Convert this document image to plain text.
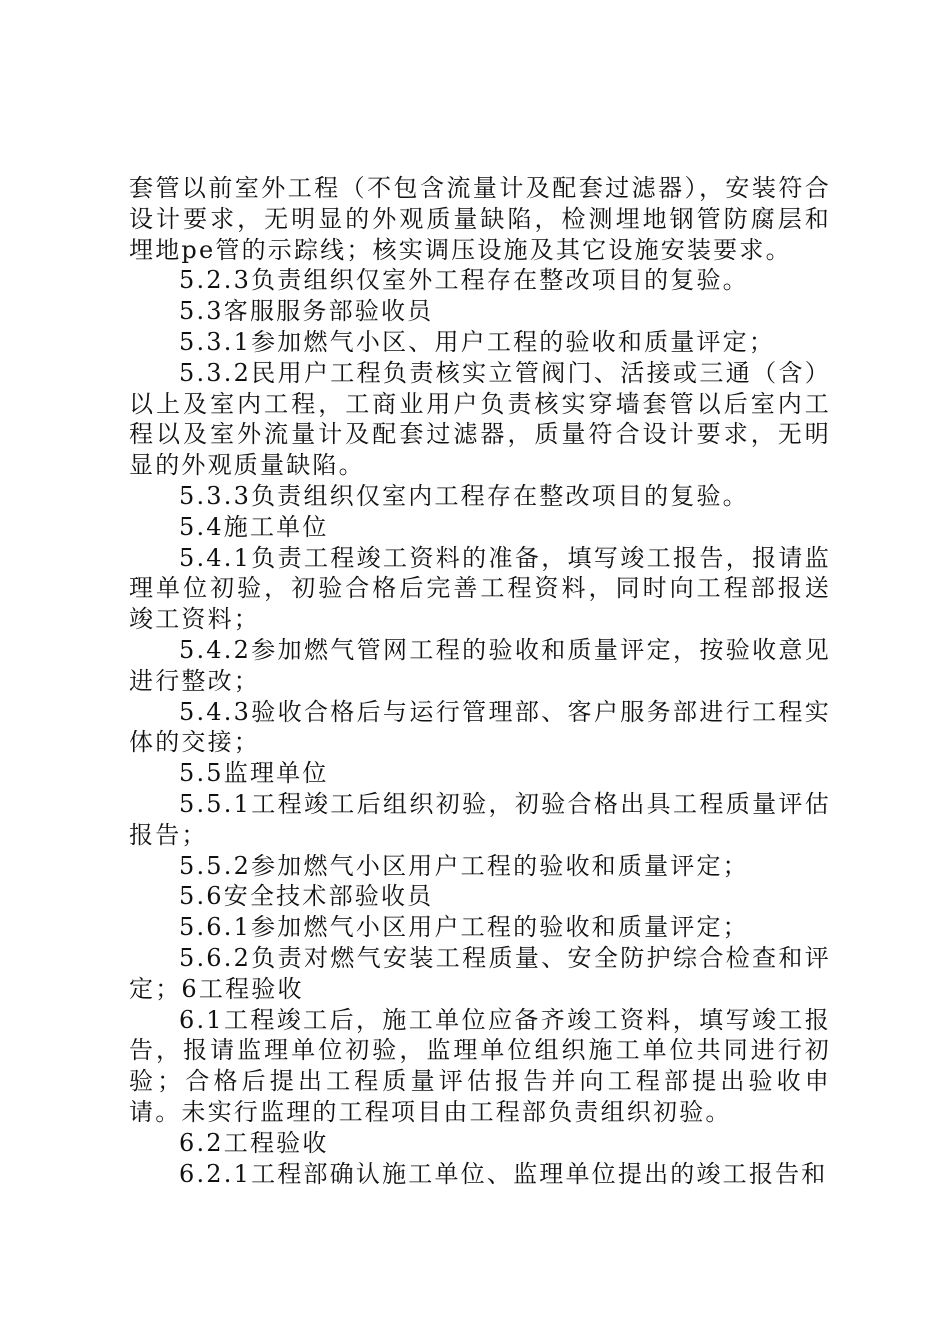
套管以前室外工程（不包含流量计及配套过滤器），安装符合设计要求，无明显的外观质量缺陷，检测埋地钢管防腐层和埋地pe管的示踪线；核实调压设施及其它设施安装要求。

5.2.3负责组织仅室外工程存在整改项目的复验。

5.3客服服务部验收员

5.3.1参加燃气小区、用户工程的验收和质量评定；

5.3.2民用户工程负责核实立管阀门、活接或三通（含）以上及室内工程，工商业用户负责核实穿墙套管以后室内工程以及室外流量计及配套过滤器，质量符合设计要求，无明显的外观质量缺陷。

5.3.3负责组织仅室内工程存在整改项目的复验。

5.4施工单位

5.4.1负责工程竣工资料的准备，填写竣工报告，报请监理单位初验，初验合格后完善工程资料，同时向工程部报送竣工资料；

5.4.2参加燃气管网工程的验收和质量评定，按验收意见进行整改；

5.4.3验收合格后与运行管理部、客户服务部进行工程实体的交接；

5.5监理单位

5.5.1工程竣工后组织初验，初验合格出具工程质量评估报告；

5.5.2参加燃气小区用户工程的验收和质量评定；

5.6安全技术部验收员

5.6.1参加燃气小区用户工程的验收和质量评定；

5.6.2负责对燃气安装工程质量、安全防护综合检查和评定；6工程验收

6.1工程竣工后，施工单位应备齐竣工资料，填写竣工报告，报请监理单位初验，监理单位组织施工单位共同进行初验；合格后提出工程质量评估报告并向工程部提出验收申请。未实行监理的工程项目由工程部负责组织初验。

6.2工程验收

6.2.1工程部确认施工单位、监理单位提出的竣工报告和
